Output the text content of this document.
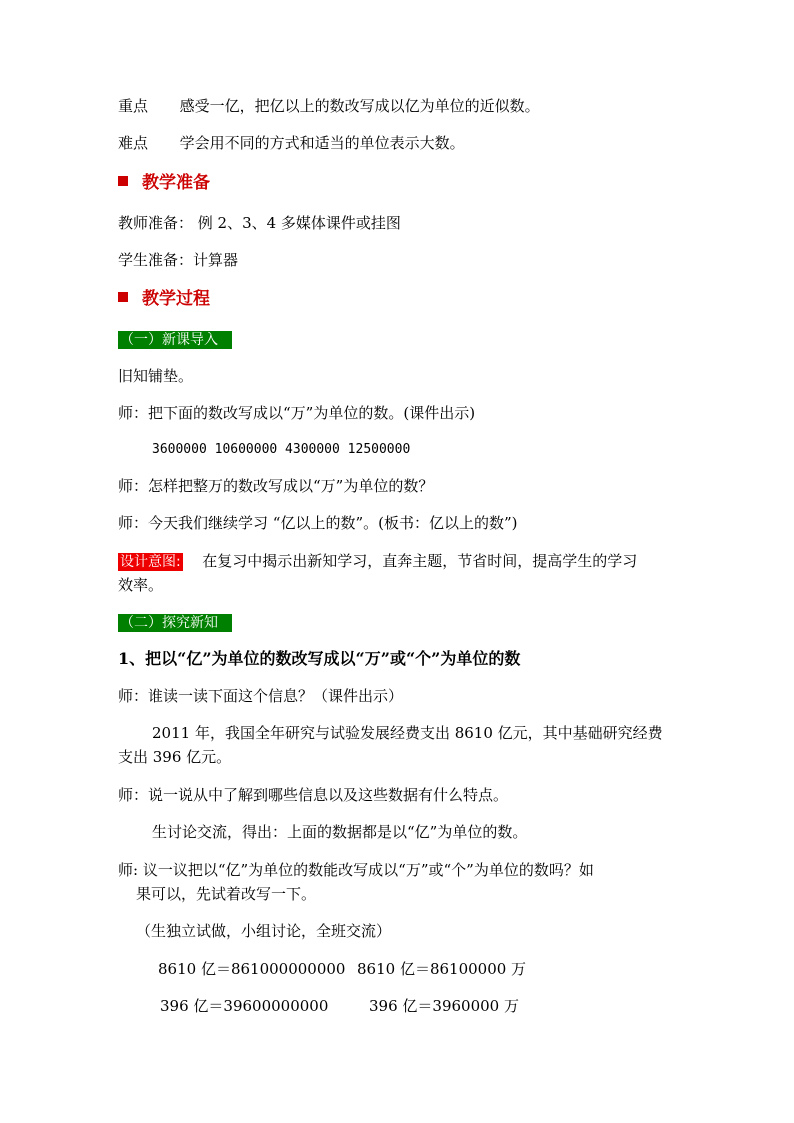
重点 感受一亿，把亿以上的数改写成以亿为单位的近似数。
难点 学会用不同的方式和适当的单位表示大数。
教学准备
教师准备： 例 2、3、4 多媒体课件或挂图
学生准备：计算器
教学过程
（一）新课导入
旧知铺垫。
师：把下面的数改写成以“万”为单位的数。(课件出示)
3600000 10600000 4300000 12500000
师：怎样把整万的数改写成以“万”为单位的数？
师：今天我们继续学习 “亿以上的数”。(板书：亿以上的数”)
设计意图: 在复习中揭示出新知学习，直奔主题，节省时间，提高学生的学习
效率。
（二）探究新知
1、把以“亿”为单位的数改写成以“万”或“个”为单位的数
师：谁读一读下面这个信息？（课件出示）
2011 年，我国全年研究与试验发展经费支出 8610 亿元，其中基础研究经费
支出 396 亿元。
师：说一说从中了解到哪些信息以及这些数据有什么特点。
生讨论交流，得出：上面的数据都是以“亿”为单位的数。
师: 议一议把以“亿”为单位的数能改写成以“万”或“个”为单位的数吗？如
果可以，先试着改写一下。
（生独立试做，小组讨论，全班交流）
8610 亿＝861000000000 8610 亿＝86100000 万
396 亿＝39600000000	396 亿＝3960000 万
